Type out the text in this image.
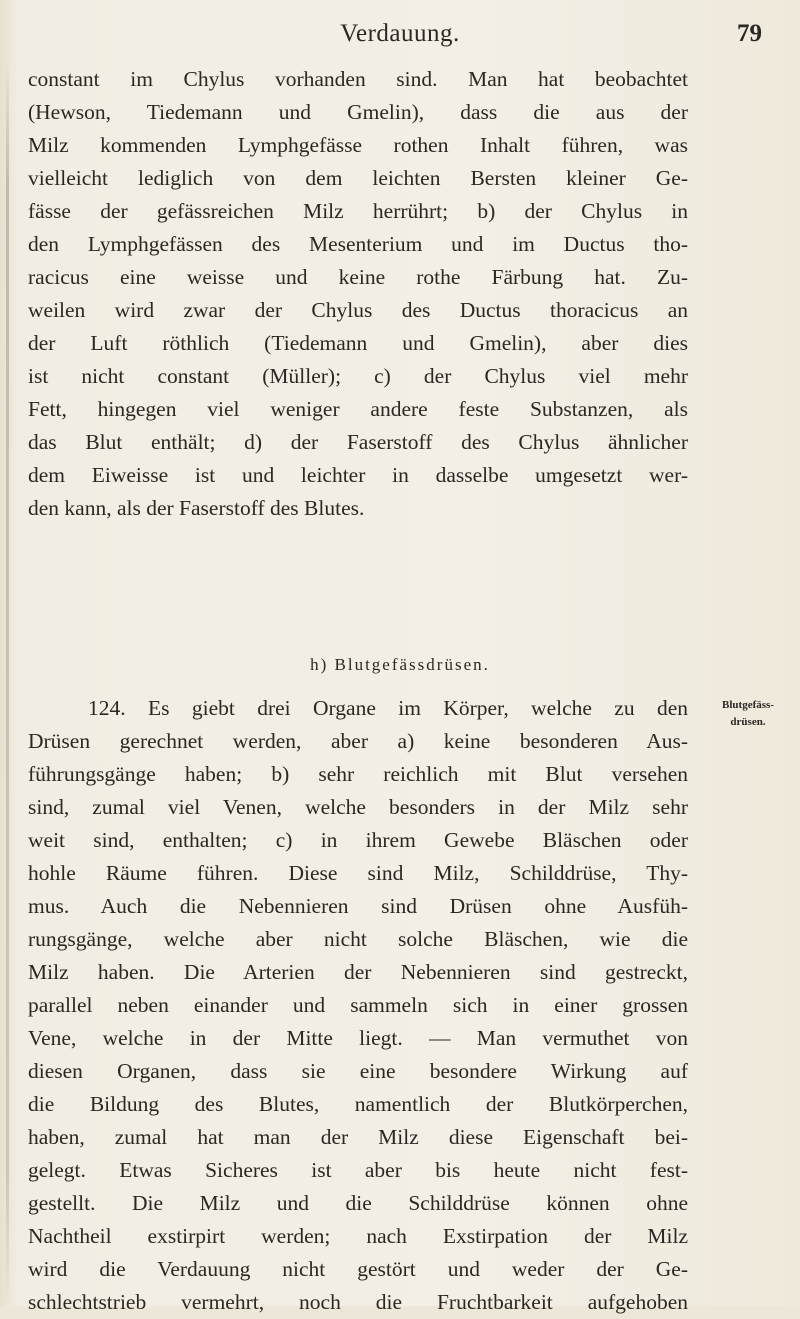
Verdauung.	79
constant im Chylus vorhanden sind. Man hat beobachtet
(Hewson, Tiedemann und Gmelin), dass die aus der
Milz kommenden Lymphgefässe rothen Inhalt führen, was
vielleicht lediglich von dem leichten Bersten kleiner Ge-
fässe der gefässreichen Milz herrührt; b) der Chylus in
den Lymphgefässen des Mesenterium und im Ductus tho-
racicus eine weisse und keine rothe Färbung hat. Zu-
weilen wird zwar der Chylus des Ductus thoracicus an
der Luft röthlich (Tiedemann und Gmelin), aber dies
ist nicht constant (Müller); c) der Chylus viel mehr
Fett, hingegen viel weniger andere feste Substanzen, als
das Blut enthält; d) der Faserstoff des Chylus ähnlicher
dem Eiweisse ist und leichter in dasselbe umgesetzt wer-
den kann, als der Faserstoff des Blutes.
h) Blutgefässdrüsen.
Blutgefäss-
drüsen.
124. Es giebt drei Organe im Körper, welche zu den
Drüsen gerechnet werden, aber a) keine besonderen Aus-
führungsgänge haben; b) sehr reichlich mit Blut versehen
sind, zumal viel Venen, welche besonders in der Milz sehr
weit sind, enthalten; c) in ihrem Gewebe Bläschen oder
hohle Räume führen. Diese sind Milz, Schilddrüse, Thy-
mus. Auch die Nebennieren sind Drüsen ohne Ausfüh-
rungsgänge, welche aber nicht solche Bläschen, wie die
Milz haben. Die Arterien der Nebennieren sind gestreckt,
parallel neben einander und sammeln sich in einer grossen
Vene, welche in der Mitte liegt. — Man vermuthet von
diesen Organen, dass sie eine besondere Wirkung auf
die Bildung des Blutes, namentlich der Blutkörperchen,
haben, zumal hat man der Milz diese Eigenschaft bei-
gelegt. Etwas Sicheres ist aber bis heute nicht fest-
gestellt. Die Milz und die Schilddrüse können ohne
Nachtheil exstirpirt werden; nach Exstirpation der Milz
wird die Verdauung nicht gestört und weder der Ge-
schlechtstrieb vermehrt, noch die Fruchtbarkeit aufgehoben
